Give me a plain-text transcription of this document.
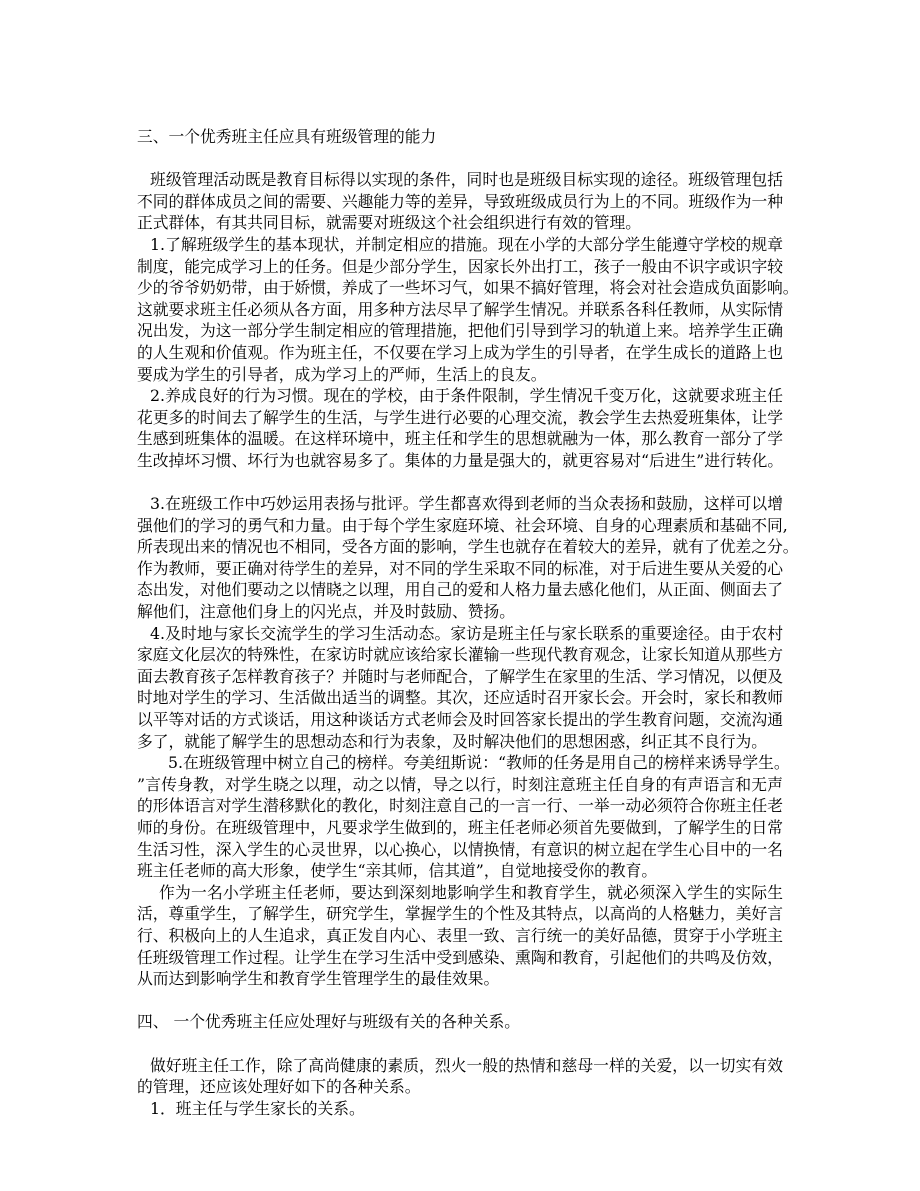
三、一个优秀班主任应具有班级管理的能力
班级管理活动既是教育目标得以实现的条件，同时也是班级目标实现的途径。班级管理包括
不同的群体成员之间的需要、兴趣能力等的差异，导致班级成员行为上的不同。班级作为一种
正式群体，有其共同目标，就需要对班级这个社会组织进行有效的管理。
1.了解班级学生的基本现状，并制定相应的措施。现在小学的大部分学生能遵守学校的规章
制度，能完成学习上的任务。但是少部分学生，因家长外出打工，孩子一般由不识字或识字较
少的爷爷奶奶带，由于娇惯，养成了一些坏习气，如果不搞好管理，将会对社会造成负面影响。
这就要求班主任必须从各方面，用多种方法尽早了解学生情况。并联系各科任教师，从实际情
况出发，为这一部分学生制定相应的管理措施，把他们引导到学习的轨道上来。培养学生正确
的人生观和价值观。作为班主任，不仅要在学习上成为学生的引导者，在学生成长的道路上也
要成为学生的引导者，成为学习上的严师，生活上的良友。
2.养成良好的行为习惯。现在的学校，由于条件限制，学生情况千变万化，这就要求班主任
花更多的时间去了解学生的生活，与学生进行必要的心理交流，教会学生去热爱班集体，让学
生感到班集体的温暖。在这样环境中，班主任和学生的思想就融为一体，那么教育一部分了学
生改掉坏习惯、坏行为也就容易多了。集体的力量是强大的，就更容易对“后进生”进行转化。
3.在班级工作中巧妙运用表扬与批评。学生都喜欢得到老师的当众表扬和鼓励，这样可以增
强他们的学习的勇气和力量。由于每个学生家庭环境、社会环境、自身的心理素质和基础不同,
所表现出来的情况也不相同，受各方面的影响，学生也就存在着较大的差异，就有了优差之分。
作为教师，要正确对待学生的差异，对不同的学生采取不同的标准，对于后进生要从关爱的心
态出发，对他们要动之以情晓之以理，用自己的爱和人格力量去感化他们，从正面、侧面去了
解他们，注意他们身上的闪光点，并及时鼓励、赞扬。
4.及时地与家长交流学生的学习生活动态。家访是班主任与家长联系的重要途径。由于农村
家庭文化层次的特殊性，在家访时就应该给家长灌输一些现代教育观念，让家长知道从那些方
面去教育孩子怎样教育孩子？并随时与老师配合，了解学生在家里的生活、学习情况，以便及
时地对学生的学习、生活做出适当的调整。其次，还应适时召开家长会。开会时，家长和教师
以平等对话的方式谈话，用这种谈话方式老师会及时回答家长提出的学生教育问题，交流沟通
多了，就能了解学生的思想动态和行为表象，及时解决他们的思想困惑，纠正其不良行为。
5.在班级管理中树立自己的榜样。夸美纽斯说：“教师的任务是用自己的榜样来诱导学生。
”言传身教，对学生晓之以理，动之以情，导之以行，时刻注意班主任自身的有声语言和无声
的形体语言对学生潜移默化的教化，时刻注意自己的一言一行、一举一动必须符合你班主任老
师的身份。在班级管理中，凡要求学生做到的，班主任老师必须首先要做到，了解学生的日常
生活习性，深入学生的心灵世界，以心换心，以情换情，有意识的树立起在学生心目中的一名
班主任老师的高大形象，使学生“亲其师，信其道”，自觉地接受你的教育。
作为一名小学班主任老师，要达到深刻地影响学生和教育学生，就必须深入学生的实际生
活，尊重学生，了解学生，研究学生，掌握学生的个性及其特点，以高尚的人格魅力，美好言
行、积极向上的人生追求，真正发自内心、表里一致、言行统一的美好品德，贯穿于小学班主
任班级管理工作过程。让学生在学习生活中受到感染、熏陶和教育，引起他们的共鸣及仿效，
从而达到影响学生和教育学生管理学生的最佳效果。
四、 一个优秀班主任应处理好与班级有关的各种关系。
做好班主任工作，除了高尚健康的素质，烈火一般的热情和慈母一样的关爱，以一切实有效
的管理，还应该处理好如下的各种关系。
1．班主任与学生家长的关系。
